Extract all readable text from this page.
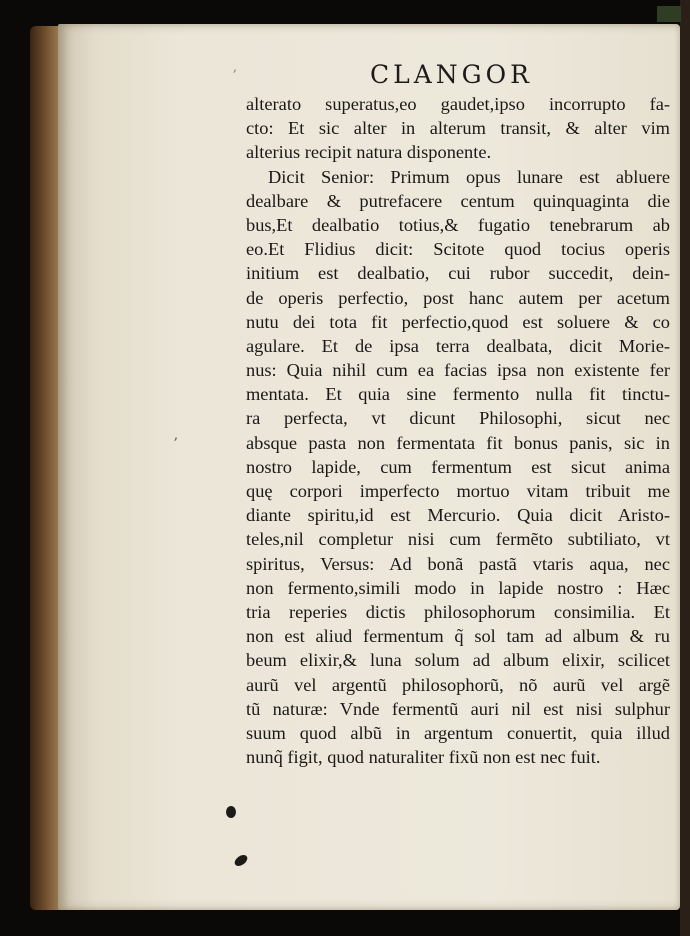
ʼ	CLANGOR
alterato superatus,eo gaudet,ipso incorrupto fa‑
cto: Et sic alter in alterum transit, & alter vim
alterius recipit natura disponente.
Dicit Senior: Primum opus lunare est abluere
dealbare & putrefacere centum quinquaginta die
bus,Et dealbatio totius,& fugatio tenebrarum ab
eo.Et Flidius dicit: Scitote quod tocius operis
initium est dealbatio, cui rubor succedit, dein‑
de operis perfectio, post hanc autem per acetum
nutu dei tota fit perfectio,quod est soluere & co
agulare. Et de ipsa terra dealbata, dicit Morie‑
nus: Quia nihil cum ea facias ipsa non existente fer
mentata. Et quia sine fermento nulla fit tinctu‑
ra perfecta, vt dicunt Philosophi, sicut nec
absque pasta non fermentata fit bonus panis, sic in
nostro lapide, cum fermentum est sicut anima
quę corpori imperfecto mortuo vitam tribuit me
diante spiritu,id est Mercurio. Quia dicit Aristo‑
teles,nil completur nisi cum fermẽto subtiliato, vt
spiritus, Versus: Ad bonã pastã vtaris aqua, nec
non fermento,simili modo in lapide nostro : Hæc
tria reperies dictis philosophorum consimilia. Et
non est aliud fermentum q̃ sol tam ad album & ru
beum elixir,& luna solum ad album elixir, scilicet
aurũ vel argentũ philosophorũ, nõ aurũ vel argẽ
tũ naturæ: Vnde fermentũ auri nil est nisi sulphur
suum quod albũ in argentum conuertit, quia illud
nunq̃ figit, quod naturaliter fixũ non est nec fuit.
ʼ
